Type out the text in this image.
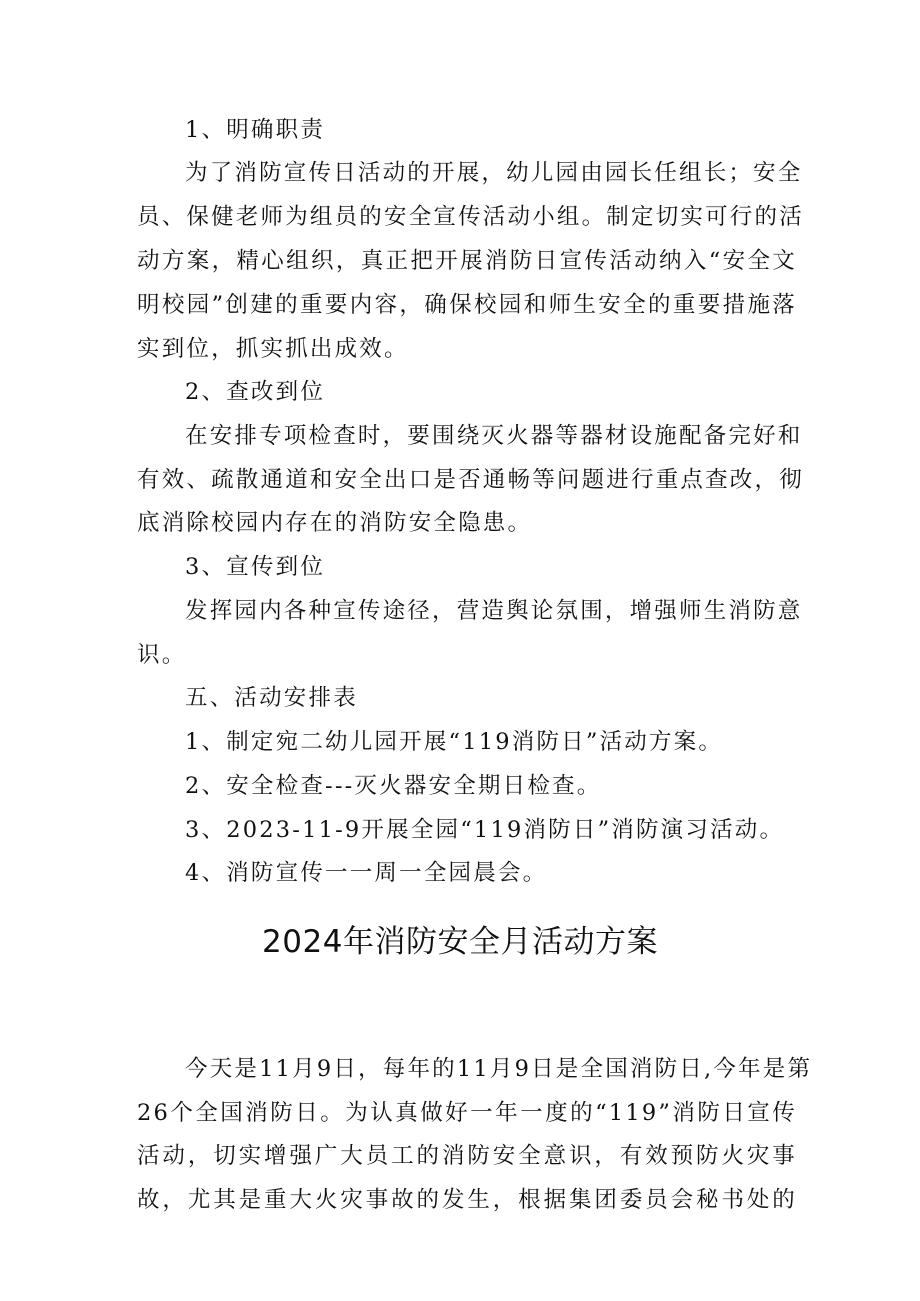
1、明确职责

为了消防宣传日活动的开展，幼儿园由园长任组长；安全

员、保健老师为组员的安全宣传活动小组。制定切实可行的活

动方案，精心组织，真正把开展消防日宣传活动纳入“安全文

明校园”创建的重要内容，确保校园和师生安全的重要措施落

实到位，抓实抓出成效。

2、查改到位

在安排专项检查时，要围绕灭火器等器材设施配备完好和

有效、疏散通道和安全出口是否通畅等问题进行重点查改，彻

底消除校园内存在的消防安全隐患。

3、宣传到位

发挥园内各种宣传途径，营造舆论氛围，增强师生消防意

识。

五、活动安排表

1、制定宛二幼儿园开展“119消防日”活动方案。

2、安全检查---灭火器安全期日检查。

3、2023-11-9开展全园“119消防日”消防演习活动。

4、消防宣传一一周一全园晨会。

2024年消防安全月活动方案

今天是11月9日，每年的11月9日是全国消防日,今年是第

26个全国消防日。为认真做好一年一度的“119”消防日宣传

活动，切实增强广大员工的消防安全意识，有效预防火灾事

故，尤其是重大火灾事故的发生，根据集团委员会秘书处的
